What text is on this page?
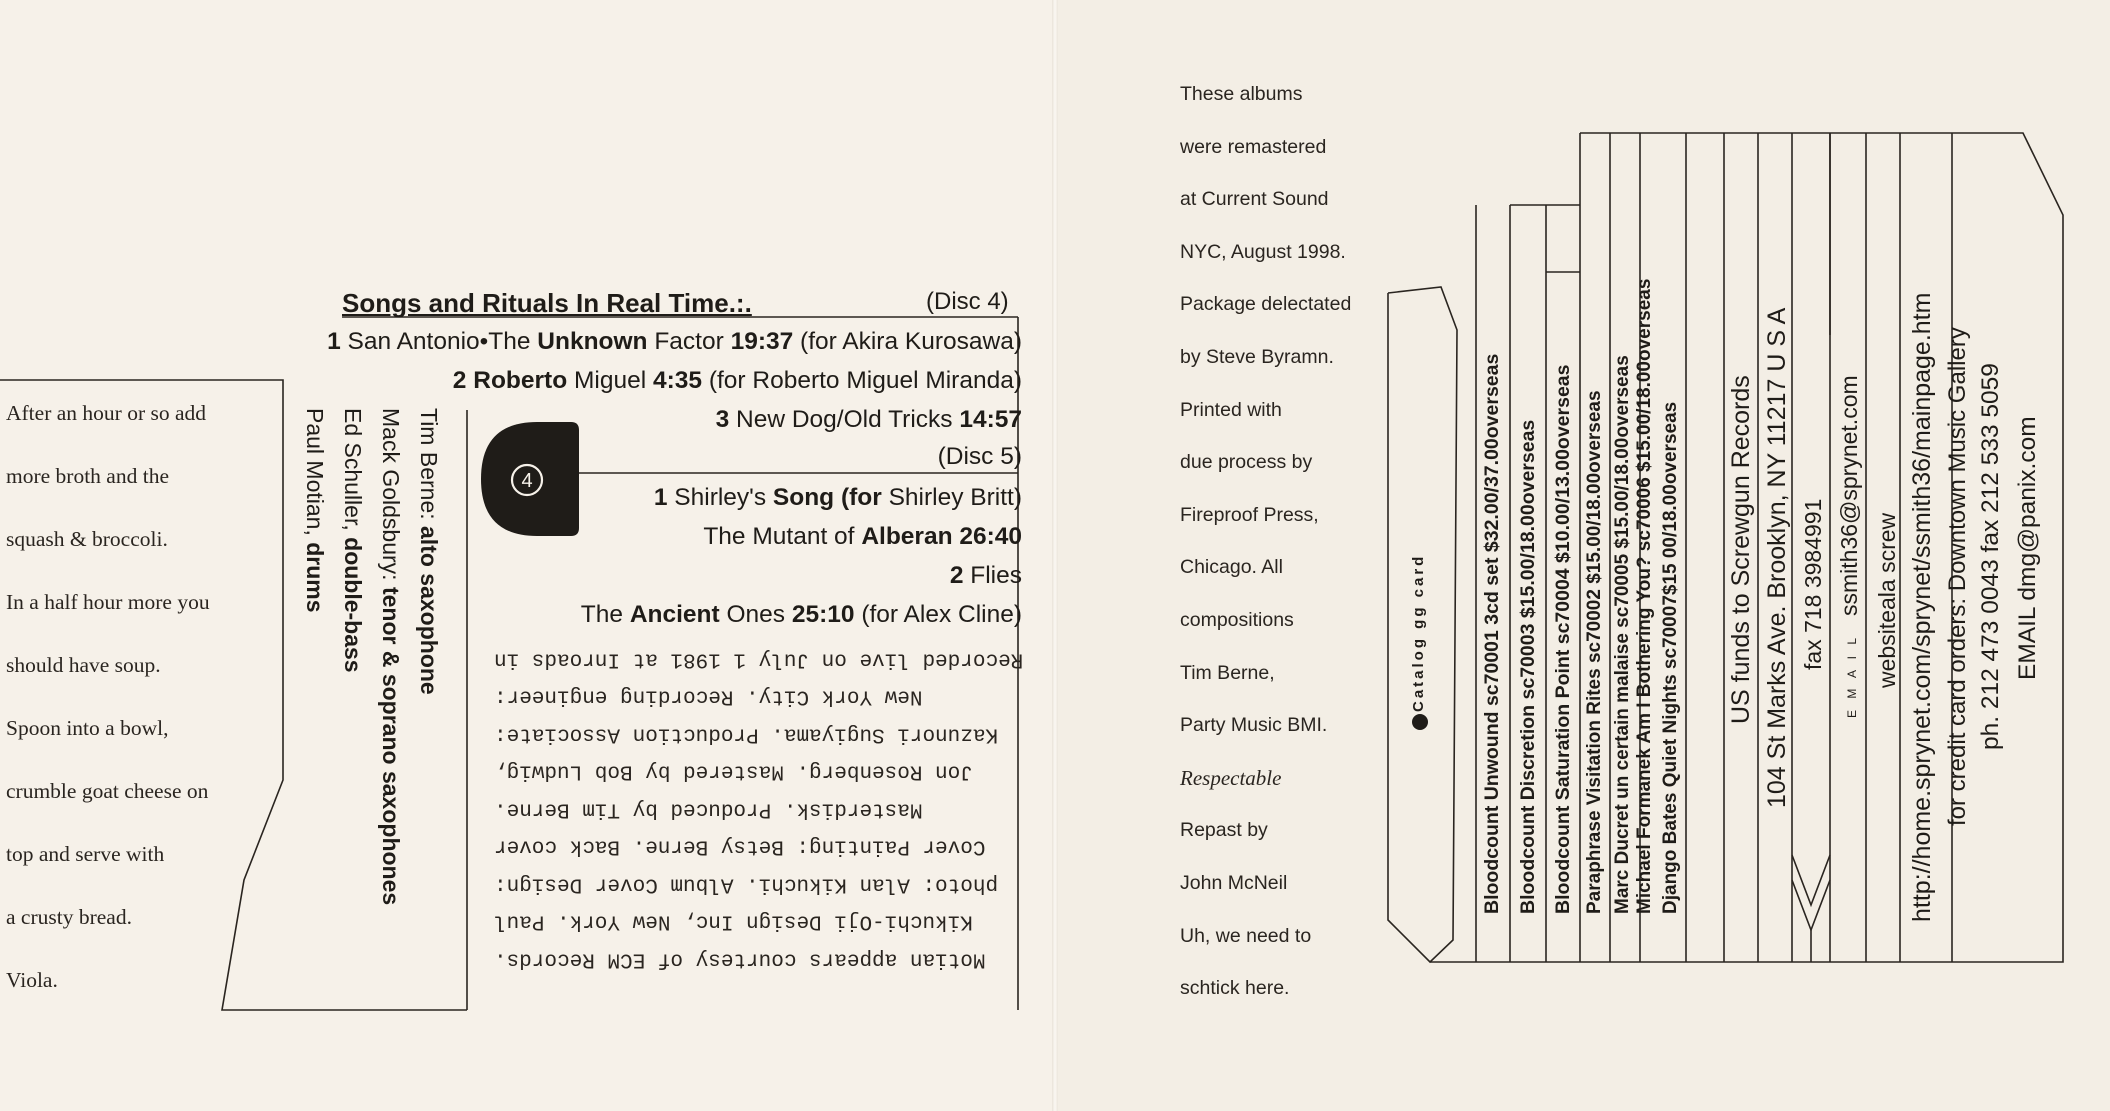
After an hour or so add
more broth and the
squash & broccoli.
In a half hour more you
should have soup.
Spoon into a bowl,
crumble goat cheese on
top and serve with
a crusty bread.
Viola.
Songs and Rituals In Real Time.:.	(Disc 4)
1 San Antonio•The Unknown Factor 19:37 (for Akira Kurosawa)
2 Roberto Miguel 4:35 (for Roberto Miguel Miranda)
3 New Dog/Old Tricks 14:57
(Disc 5)
1 Shirley's Song (for Shirley Britt)
The Mutant of Alberan 26:40
2 Flies
The Ancient Ones 25:10 (for Alex Cline)
4
Tim Berne: alto saxophone
Mack Goldsbury: tenor & soprano saxophones
Ed Schuller, double-bass
Paul Motian, drums
Motian appears courtesy of ECM Records.
Kikuchi-Oji Design Inc, New York. Paul
photo: Alan Kikuchi. Album Cover Design:
Cover Painting: Betsy Berne. Back cover
Masterdisk. Produced by Tim Berne.
Jon Rosenberg. Mastered by Bob Ludwig,
Kazunori Sugiyama. Production Associate:
New York City. Recording engineer:
Recorded live on July 1 1981 at Inroads in
These albums
were remastered
at Current Sound
NYC, August 1998.
Package delectated
by Steve Byramn.
Printed with
due process by
Fireproof Press,
Chicago. All
compositions
Tim Berne,
Party Music BMI.
Respectable
Repast by
John McNeil
Uh, we need to
schtick here.
Catalog gg card	Bloodcount Unwound sc70001 3cd set $32.00/37.00overseas Bloodcount Discretion sc70003 $15.00/18.00overseas Bloodcount Saturation Point sc70004 $10.00/13.00overseas Paraphrase Visitation Rites sc70002 $15.00/18.00overseas Marc Ducret un certain malaise sc70005 $15.00/18.00overseas Michael Formanek Am I Bothering You? sc70006 $15.00/18.00overseas Django Bates Quiet Nights sc70007$15 00/18.00overseas US funds to Screwgun Records 104 St Marks Ave. Brooklyn, NY 11217 U S A fax 718 3984991
E M A I L
ssmith36@sprynet.com websiteala screw http://home.sprynet.com/sprynet/ssmith36/mainpage.htm for credit card orders: Downtown Music Gallery ph. 212 473 0043 fax 212 533 5059 EMAIL dmg@panix.com
